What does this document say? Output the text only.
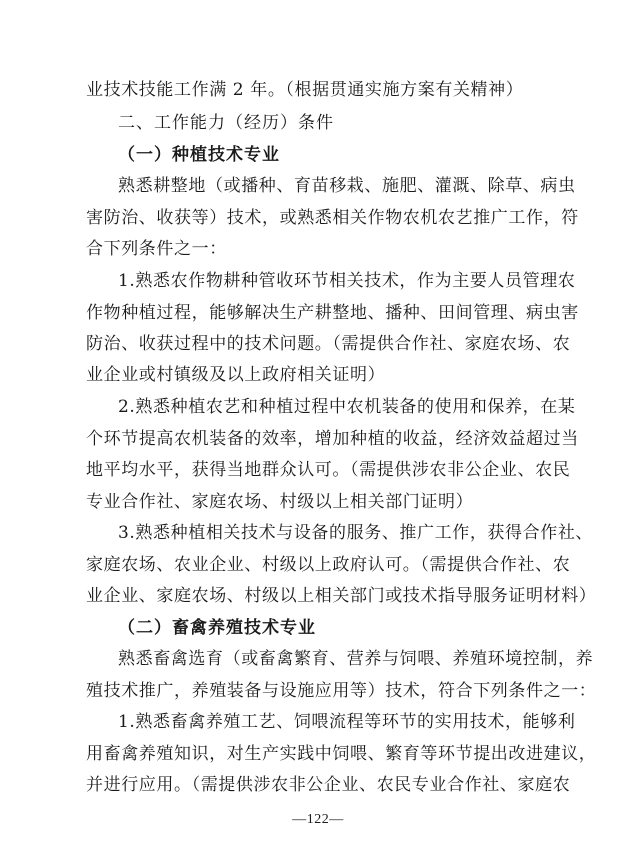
业技术技能工作满 2 年。（根据贯通实施方案有关精神）
二、工作能力（经历）条件
（一）种植技术专业
熟悉耕整地（或播种、育苗移栽、施肥、灌溉、除草、病虫
害防治、收获等）技术，或熟悉相关作物农机农艺推广工作，符
合下列条件之一：
1.熟悉农作物耕种管收环节相关技术，作为主要人员管理农
作物种植过程，能够解决生产耕整地、播种、田间管理、病虫害
防治、收获过程中的技术问题。（需提供合作社、家庭农场、农
业企业或村镇级及以上政府相关证明）
2.熟悉种植农艺和种植过程中农机装备的使用和保养，在某
个环节提高农机装备的效率，增加种植的收益，经济效益超过当
地平均水平，获得当地群众认可。（需提供涉农非公企业、农民
专业合作社、家庭农场、村级以上相关部门证明）
3.熟悉种植相关技术与设备的服务、推广工作，获得合作社、
家庭农场、农业企业、村级以上政府认可。（需提供合作社、农
业企业、家庭农场、村级以上相关部门或技术指导服务证明材料）
（二）畜禽养殖技术专业
熟悉畜禽选育（或畜禽繁育、营养与饲喂、养殖环境控制，养
殖技术推广，养殖装备与设施应用等）技术，符合下列条件之一：
1.熟悉畜禽养殖工艺、饲喂流程等环节的实用技术，能够利
用畜禽养殖知识，对生产实践中饲喂、繁育等环节提出改进建议，
并进行应用。（需提供涉农非公企业、农民专业合作社、家庭农
—122—
